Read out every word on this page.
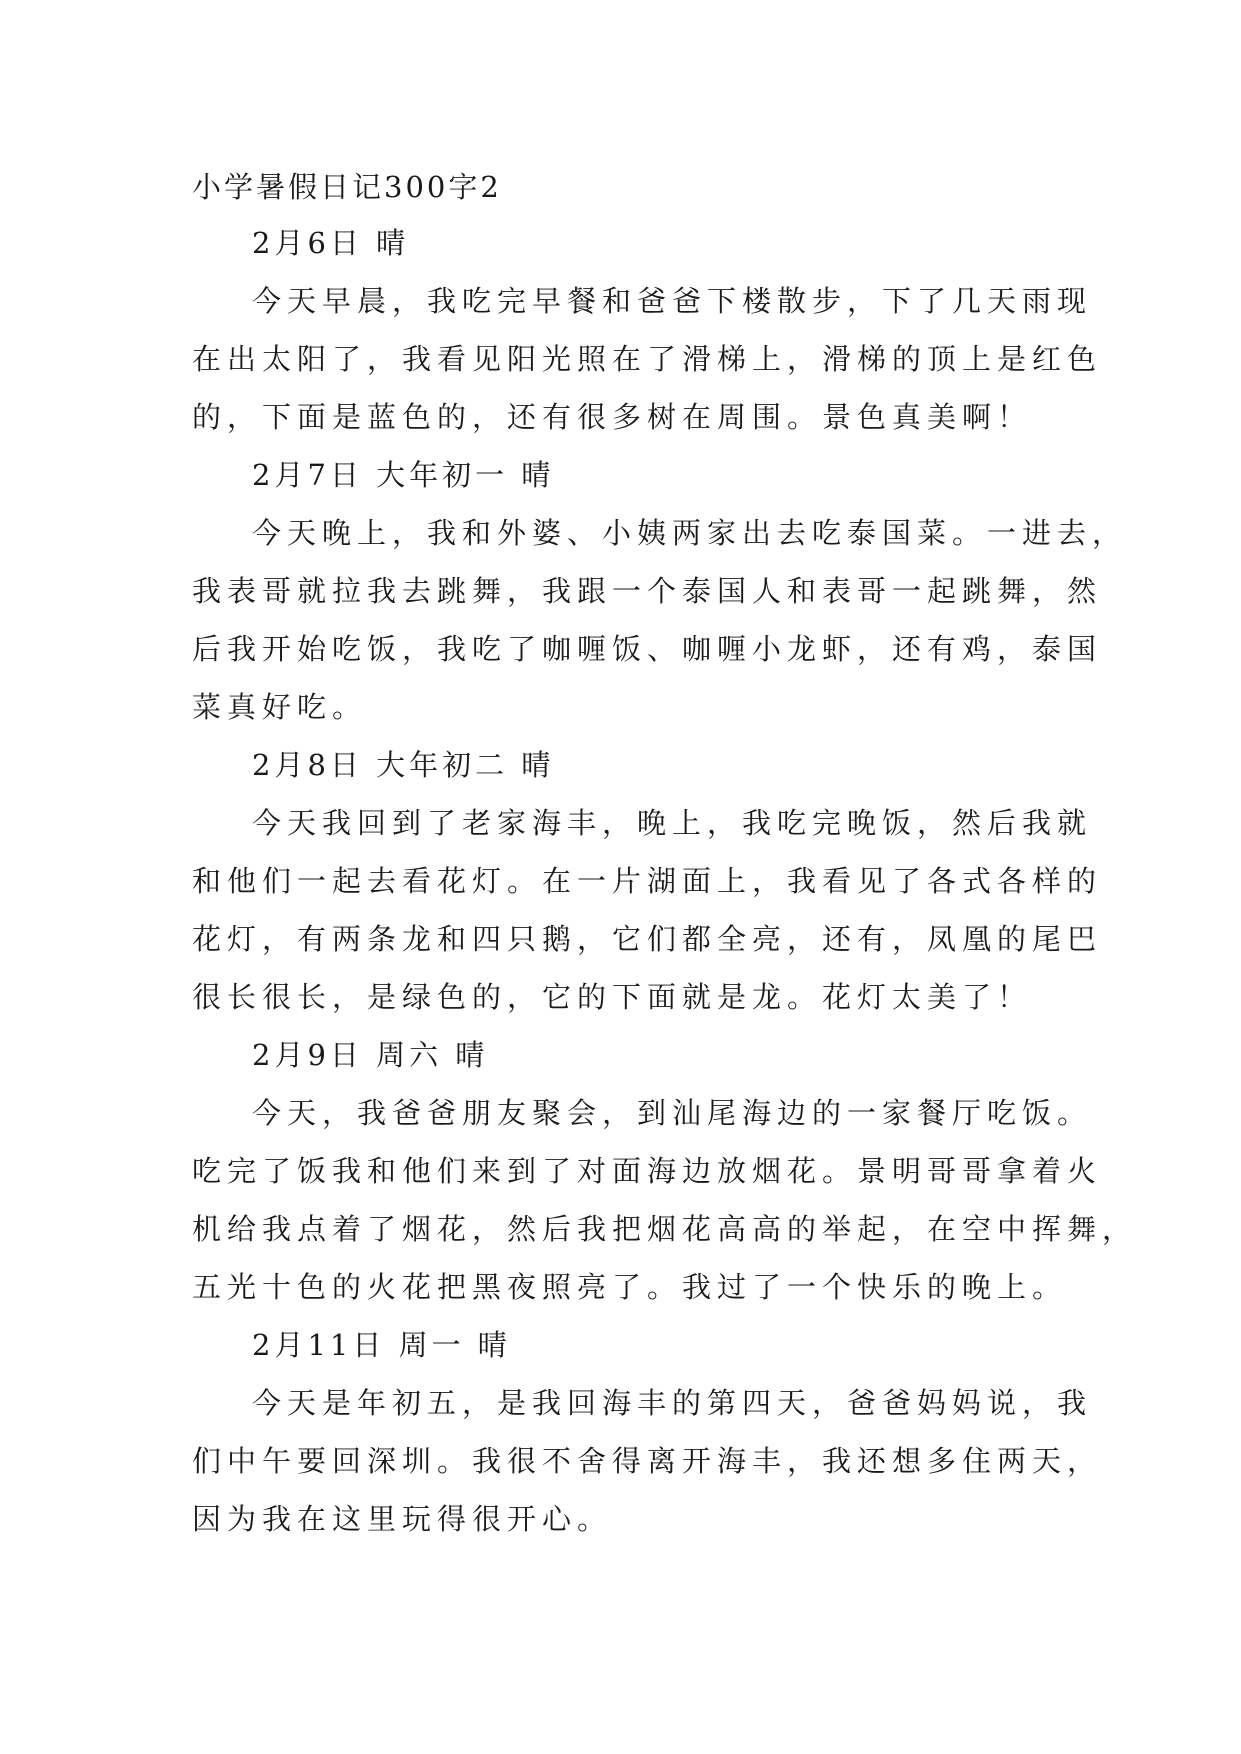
小学暑假日记300字2

2月6日 晴

今天早晨，我吃完早餐和爸爸下楼散步，下了几天雨现

在出太阳了，我看见阳光照在了滑梯上，滑梯的顶上是红色

的，下面是蓝色的，还有很多树在周围。景色真美啊！

2月7日 大年初一 晴

今天晚上，我和外婆、小姨两家出去吃泰国菜。一进去，

我表哥就拉我去跳舞，我跟一个泰国人和表哥一起跳舞，然

后我开始吃饭，我吃了咖喱饭、咖喱小龙虾，还有鸡，泰国

菜真好吃。

2月8日 大年初二 晴

今天我回到了老家海丰，晚上，我吃完晚饭，然后我就

和他们一起去看花灯。在一片湖面上，我看见了各式各样的

花灯，有两条龙和四只鹅，它们都全亮，还有，凤凰的尾巴

很长很长，是绿色的，它的下面就是龙。花灯太美了！

2月9日 周六 晴

今天，我爸爸朋友聚会，到汕尾海边的一家餐厅吃饭。

吃完了饭我和他们来到了对面海边放烟花。景明哥哥拿着火

机给我点着了烟花，然后我把烟花高高的举起，在空中挥舞，

五光十色的火花把黑夜照亮了。我过了一个快乐的晚上。

2月11日 周一 晴

今天是年初五，是我回海丰的第四天，爸爸妈妈说，我

们中午要回深圳。我很不舍得离开海丰，我还想多住两天，

因为我在这里玩得很开心。
